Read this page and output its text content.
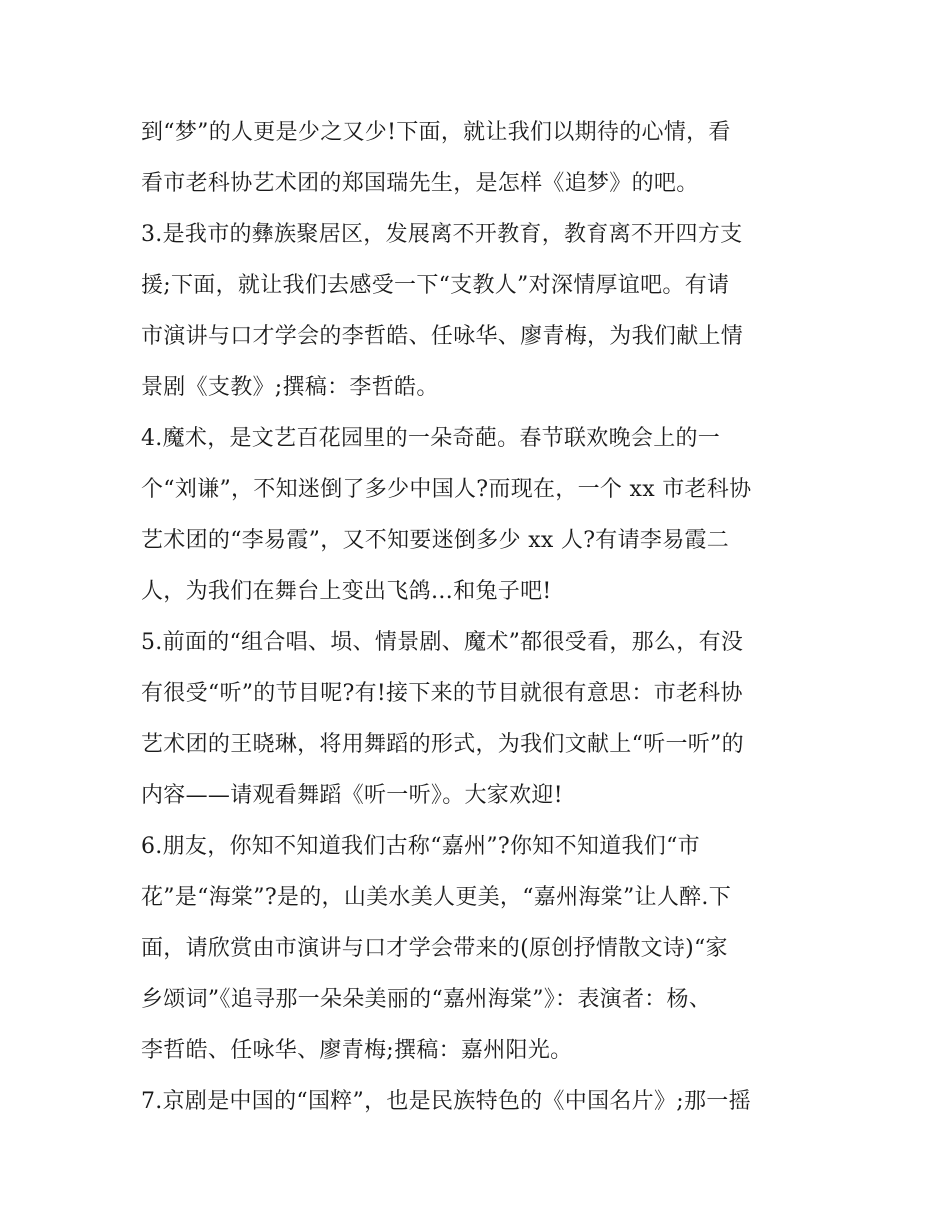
到“梦”的人更是少之又少!下面，就让我们以期待的心情，看
看市老科协艺术团的郑国瑞先生，是怎样《追梦》的吧。
3.是我市的彝族聚居区，发展离不开教育，教育离不开四方支
援;下面，就让我们去感受一下“支教人”对深情厚谊吧。有请
市演讲与口才学会的李哲皓、任咏华、廖青梅，为我们献上情
景剧《支教》;撰稿：李哲皓。
4.魔术，是文艺百花园里的一朵奇葩。春节联欢晚会上的一
个“刘谦”，不知迷倒了多少中国人?而现在，一个 xx 市老科协
艺术团的“李易霞”，又不知要迷倒多少 xx 人?有请李易霞二
人，为我们在舞台上变出飞鸽…和兔子吧!
5.前面的“组合唱、埙、情景剧、魔术”都很受看，那么，有没
有很受“听”的节目呢?有!接下来的节目就很有意思：市老科协
艺术团的王晓琳，将用舞蹈的形式，为我们文献上“听一听”的
内容——请观看舞蹈《听一听》。大家欢迎!
6.朋友，你知不知道我们古称“嘉州”?你知不知道我们“市
花”是“海棠”?是的，山美水美人更美，“嘉州海棠”让人醉.下
面，请欣赏由市演讲与口才学会带来的(原创抒情散文诗)“家
乡颂词”《追寻那一朵朵美丽的“嘉州海棠”》：表演者：杨、
李哲皓、任咏华、廖青梅;撰稿：嘉州阳光。
7.京剧是中国的“国粹”，也是民族特色的《中国名片》;那一摇
